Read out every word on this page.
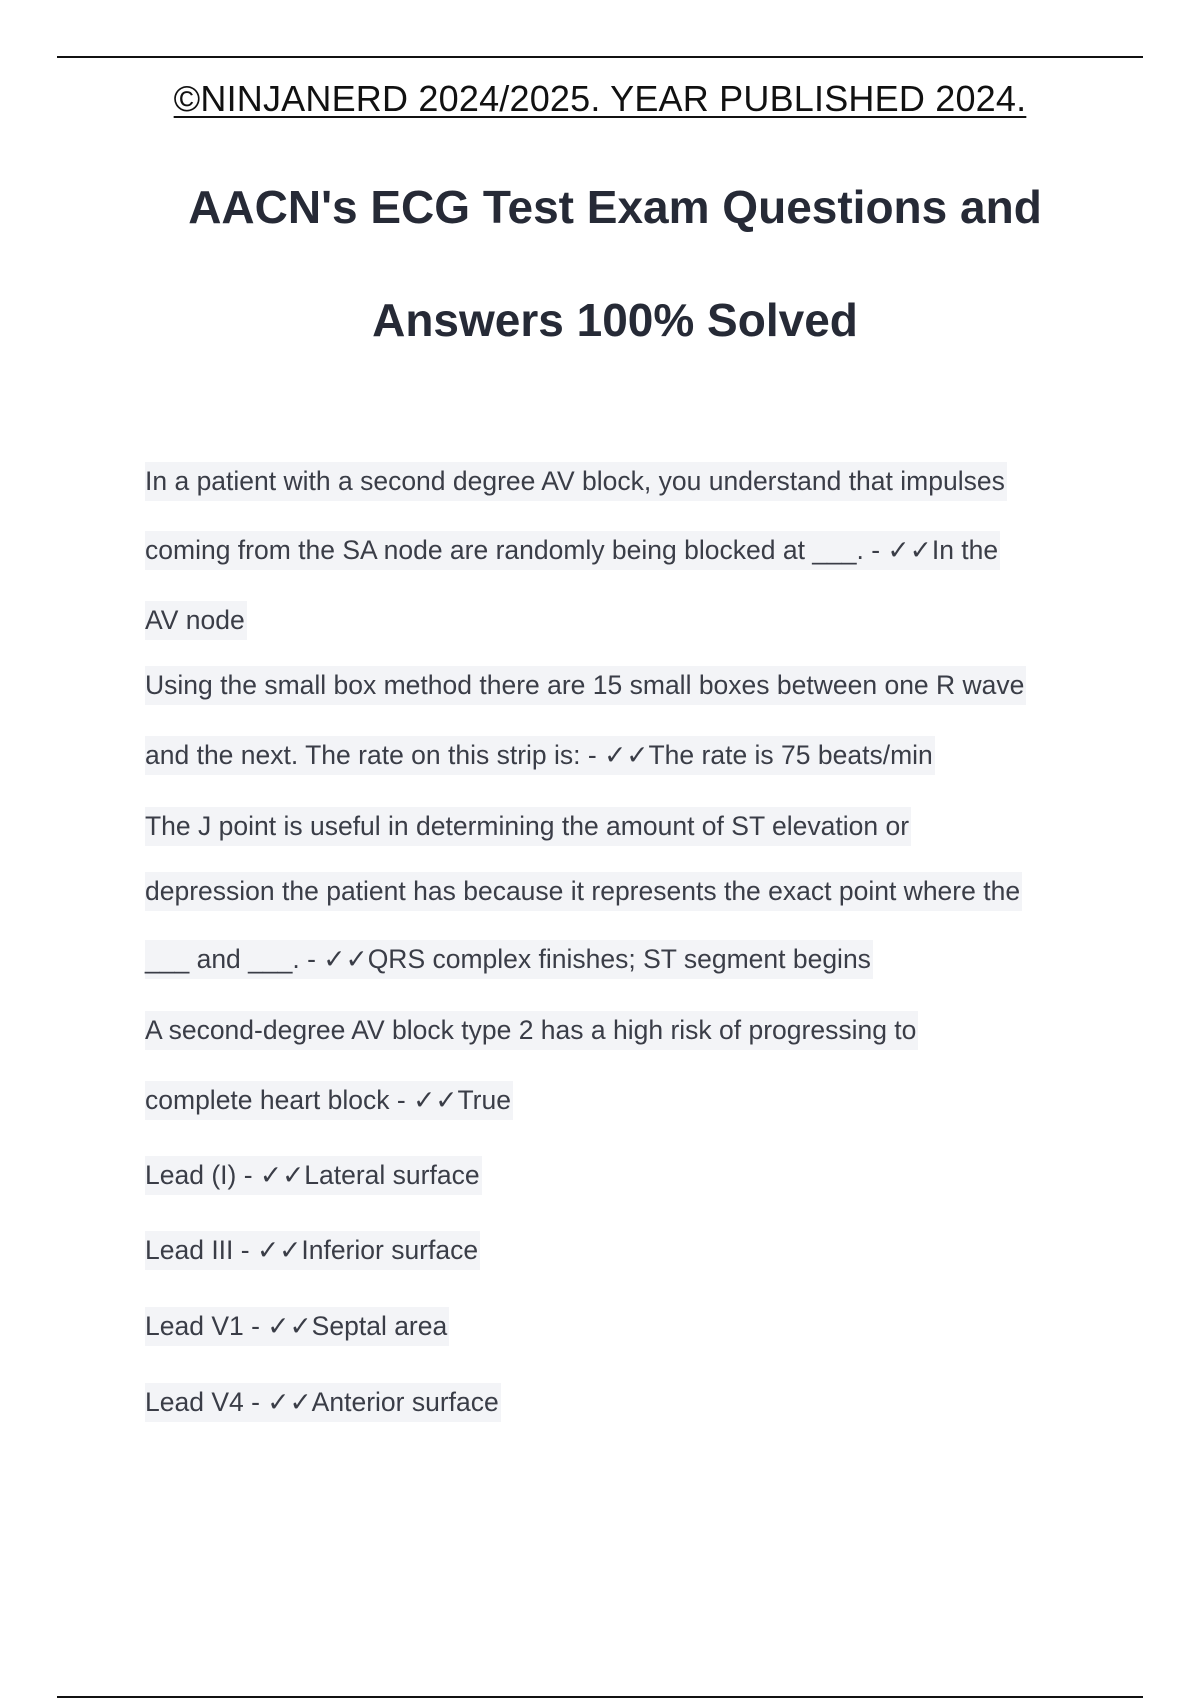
©NINJANERD 2024/2025. YEAR PUBLISHED 2024.
AACN's ECG Test Exam Questions and
Answers 100% Solved
In a patient with a second degree AV block, you understand that impulses
coming from the SA node are randomly being blocked at ___. - ✓✓In the
AV node
Using the small box method there are 15 small boxes between one R wave
and the next. The rate on this strip is: - ✓✓The rate is 75 beats/min
The J point is useful in determining the amount of ST elevation or
depression the patient has because it represents the exact point where the
___ and ___. - ✓✓QRS complex finishes; ST segment begins
A second-degree AV block type 2 has a high risk of progressing to
complete heart block - ✓✓True
Lead (I) - ✓✓Lateral surface
Lead III - ✓✓Inferior surface
Lead V1 - ✓✓Septal area
Lead V4 - ✓✓Anterior surface
